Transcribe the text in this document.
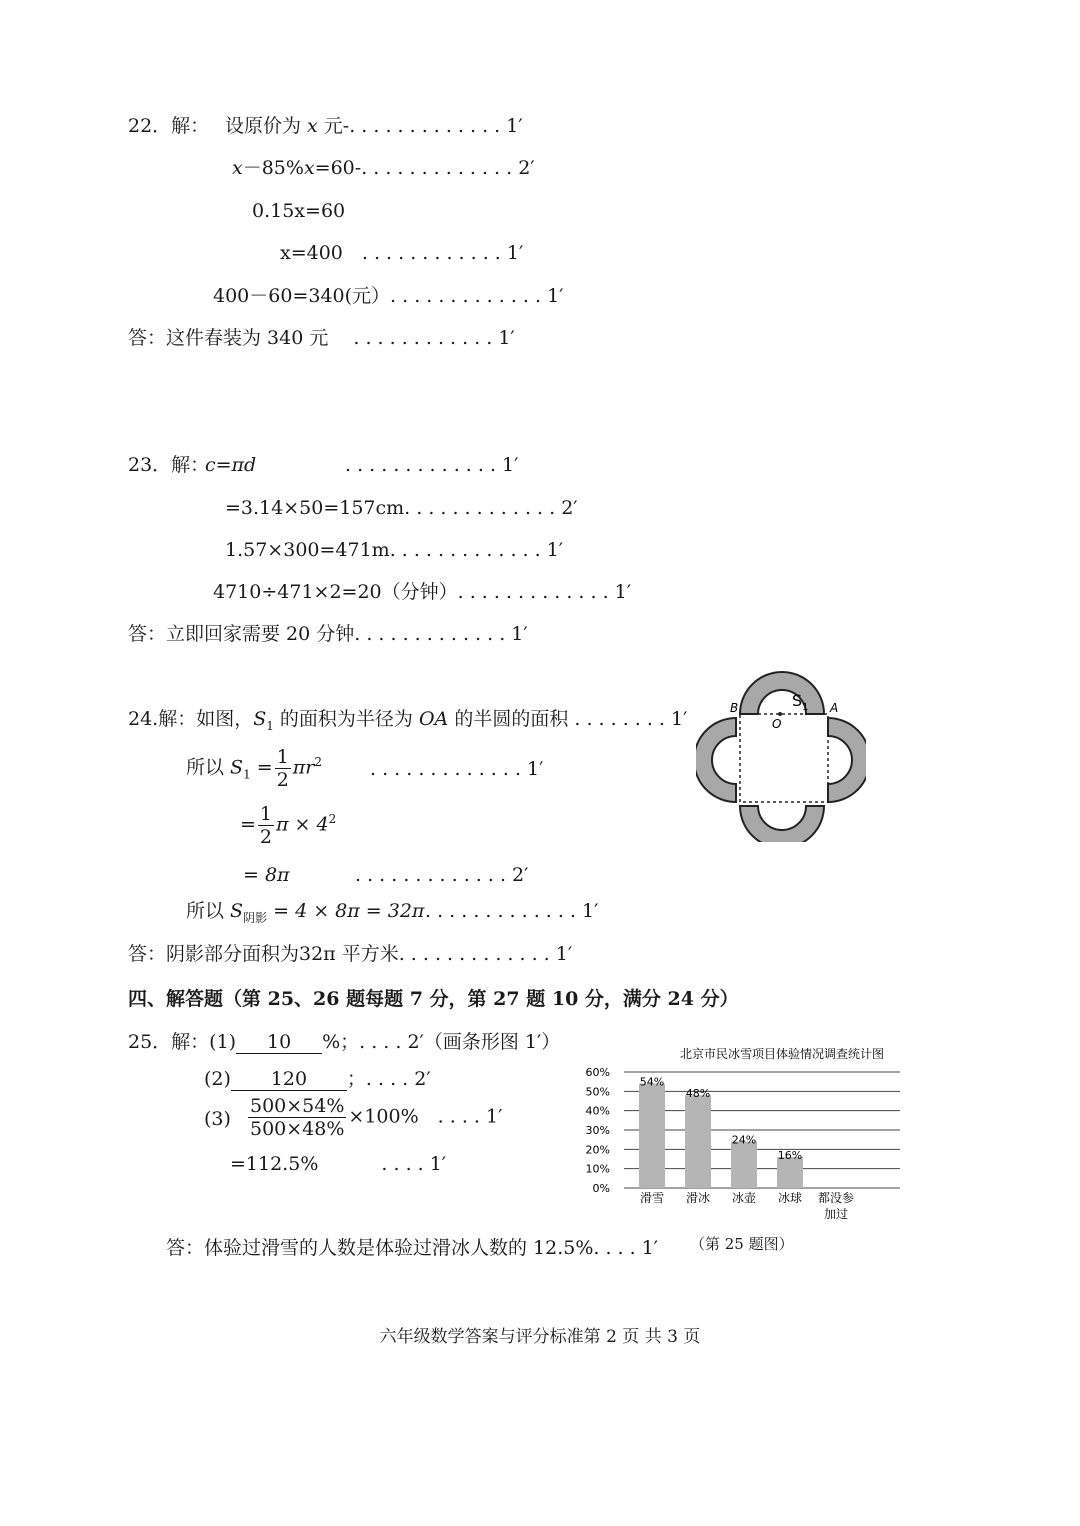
22．解： 设原价为 x 元-. . . . . . . . . . . . . 1′
x－85%x=60-. . . . . . . . . . . . . 2′
0.15x=60
x=400　. . . . . . . . . . . . 1′
400－60=340(元）. . . . . . . . . . . . . 1′
答：这件春装为 340 元　 . . . . . . . . . . . . 1′
23．解：
c=πd	. . . . . . . . . . . . . 1′
=3.14×50=157cm. . . . . . . . . . . . . 2′
1.57×300=471m. . . . . . . . . . . . . 1′
4710÷471×2=20（分钟）. . . . . . . . . . . . . 1′
答：立即回家需要 20 分钟. . . . . . . . . . . . . 1′
24.解：如图，$S_1$ 的面积为半径为 OA 的半圆的面积 . . . . . . . . 1′
所以 $S_1 = \frac{1}{2} \pi r^2$	. . . . . . . . . . . . . 1′
= $\frac{1}{2}$ $\pi \times 4^2$
= 8π	. . . . . . . . . . . . . 2′
所以 $S_{阴影} = 4 \times 8\pi = 32\pi$ . . . . . . . . . . . . . 1′
答：阴影部分面积为32π 平方米. . . . . . . . . . . . . 1′
B	A
O
$S_1$
四、解答题（第 25、26 题每题 7 分，第 27 题 10 分，满分 24 分）
25．解：(1) 10 %；. . . . 2′（画条形图 1′）
(2) 120 ；. . . . 2′
$(3) \frac{500\times 54\%}{500\times 48\%} \times 100\%$　. . . . 1′
=112.5%　　　 . . . . 1′
答：体验过滑雪的人数是体验过滑冰人数的 12.5%. . . . 1′
北京市民冰雪项目体验情况调查统计图
0%
10%
20%
30%
40%
50%
60%
54%
48%
24%
16%
滑雪 滑冰 冰壶 冰球 都没参
加过
（第 25 题图）
六年级数学答案与评分标准第 2 页 共 3 页
